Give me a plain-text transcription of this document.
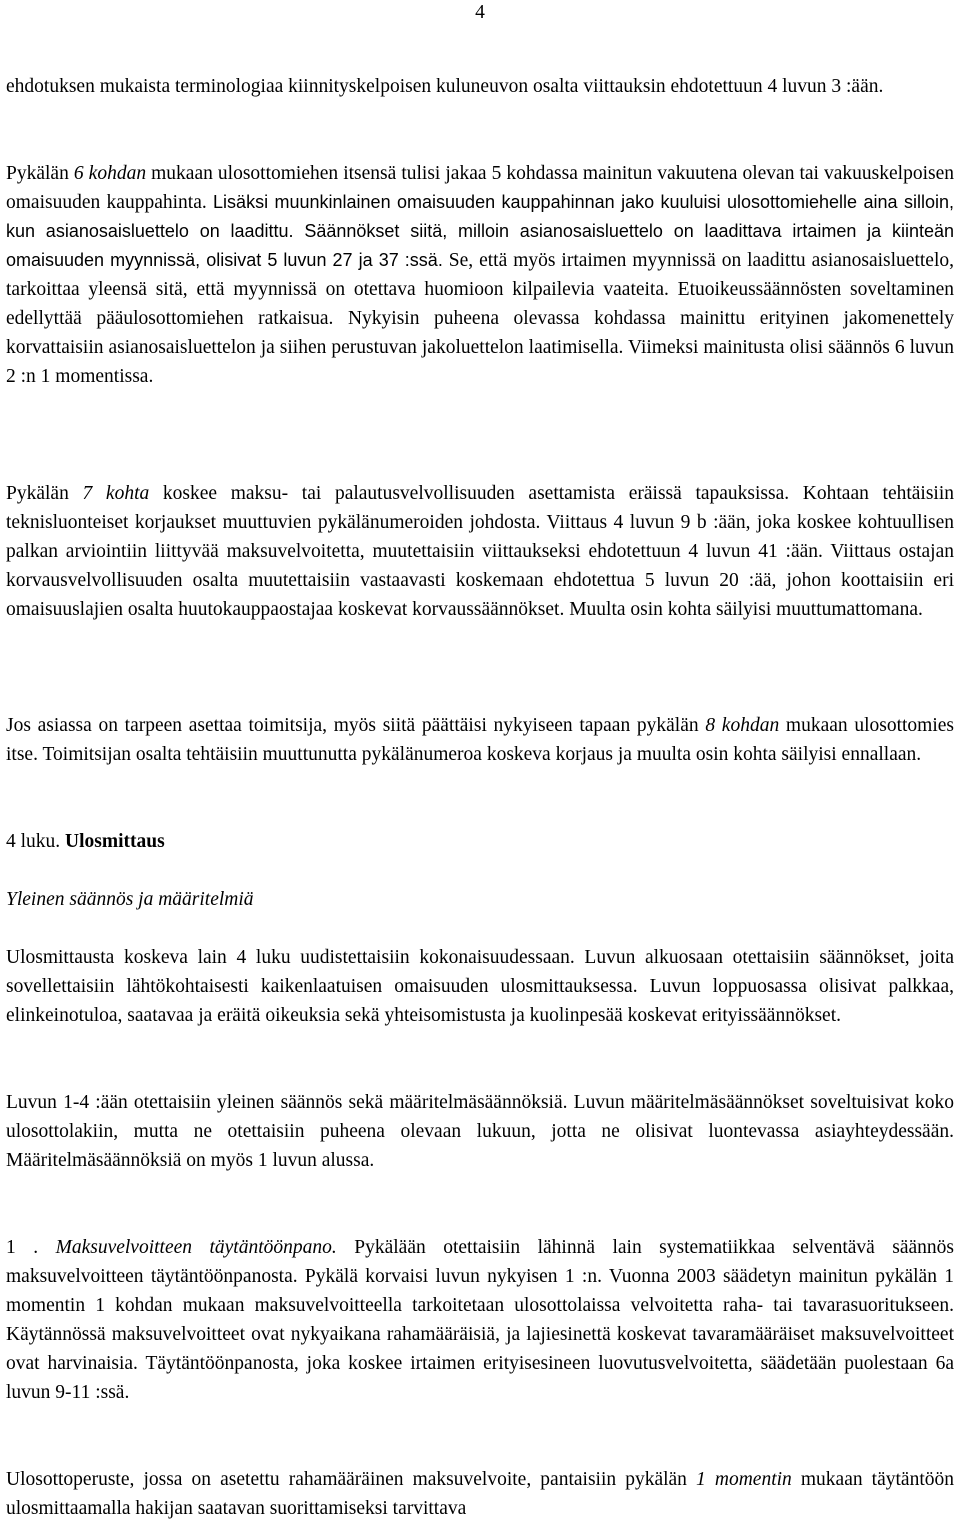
4

ehdotuksen mukaista terminologiaa kiinnityskelpoisen kuluneuvon osalta viittauksin ehdotettuun 4 luvun 3 :ään.

Pykälän 6 kohdan mukaan ulosottomiehen itsensä tulisi jakaa 5 kohdassa mainitun vakuutena olevan tai vakuuskelpoisen omaisuuden kauppahinta. Lisäksi muunkinlainen omaisuuden kauppahinnan jako kuuluisi ulosottomiehelle aina silloin, kun asianosaisluettelo on laadittu. Säännökset siitä, milloin asianosaisluettelo on laadittava irtaimen ja kiinteän omaisuuden myynnissä, olisivat 5 luvun 27 ja 37 :ssä. Se, että myös irtaimen myynnissä on laadittu asianosaisluettelo, tarkoittaa yleensä sitä, että myynnissä on otettava huomioon kilpailevia vaateita. Etuoikeussäännösten soveltaminen edellyttää pääulosottomiehen ratkaisua. Nykyisin puheena olevassa kohdassa mainittu erityinen jakomenettely korvattaisiin asianosaisluettelon ja siihen perustuvan jakoluettelon laatimisella. Viimeksi mainitusta olisi säännös 6 luvun 2 :n 1 momentissa.

Pykälän 7 kohta koskee maksu- tai palautusvelvollisuuden asettamista eräissä tapauksissa. Kohtaan tehtäisiin teknisluonteiset korjaukset muuttuvien pykälänumeroiden johdosta. Viittaus 4 luvun 9 b :ään, joka koskee kohtuullisen palkan arviointiin liittyvää maksuvelvoitetta, muutettaisiin viittaukseksi ehdotettuun 4 luvun 41 :ään. Viittaus ostajan korvausvelvollisuuden osalta muutettaisiin vastaavasti koskemaan ehdotettua 5 luvun 20 :ää, johon koottaisiin eri omaisuuslajien osalta huutokauppaostajaa koskevat korvaussäännökset. Muulta osin kohta säilyisi muuttumattomana.

Jos asiassa on tarpeen asettaa toimitsija, myös siitä päättäisi nykyiseen tapaan pykälän 8 kohdan mukaan ulosottomies itse. Toimitsijan osalta tehtäisiin muuttunutta pykälänumeroa koskeva korjaus ja muulta osin kohta säilyisi ennallaan.

4 luku. Ulosmittaus
Yleinen säännös ja määritelmiä

Ulosmittausta koskeva lain 4 luku uudistettaisiin kokonaisuudessaan. Luvun alkuosaan otettaisiin säännökset, joita sovellettaisiin lähtökohtaisesti kaikenlaatuisen omaisuuden ulosmittauksessa. Luvun loppuosassa olisivat palkkaa, elinkeinotuloa, saatavaa ja eräitä oikeuksia sekä yhteisomistusta ja kuolinpesää koskevat erityissäännökset.

Luvun 1-4 :ään otettaisiin yleinen säännös sekä määritelmäsäännöksiä. Luvun määritelmäsäännökset soveltuisivat koko ulosottolakiin, mutta ne otettaisiin puheena olevaan lukuun, jotta ne olisivat luontevassa asiayhteydessään. Määritelmäsäännöksiä on myös 1 luvun alussa.

1 . Maksuvelvoitteen täytäntöönpano. Pykälään otettaisiin lähinnä lain systematiikkaa selventävä säännös maksuvelvoitteen täytäntöönpanosta. Pykälä korvaisi luvun nykyisen 1 :n. Vuonna 2003 säädetyn mainitun pykälän 1 momentin 1 kohdan mukaan maksuvelvoitteella tarkoitetaan ulosottolaissa velvoitetta raha- tai tavarasuoritukseen. Käytännössä maksuvelvoitteet ovat nykyaikana rahamääräisiä, ja lajiesinettä koskevat tavaramääräiset maksuvelvoitteet ovat harvinaisia. Täytäntöönpanosta, joka koskee irtaimen erityisesineen luovutusvelvoitetta, säädetään puolestaan 6a luvun 9-11 :ssä.

Ulosottoperuste, jossa on asetettu rahamääräinen maksuvelvoite, pantaisiin pykälän 1 momentin mukaan täytäntöön ulosmittaamalla hakijan saatavan suorittamiseksi tarvittava
